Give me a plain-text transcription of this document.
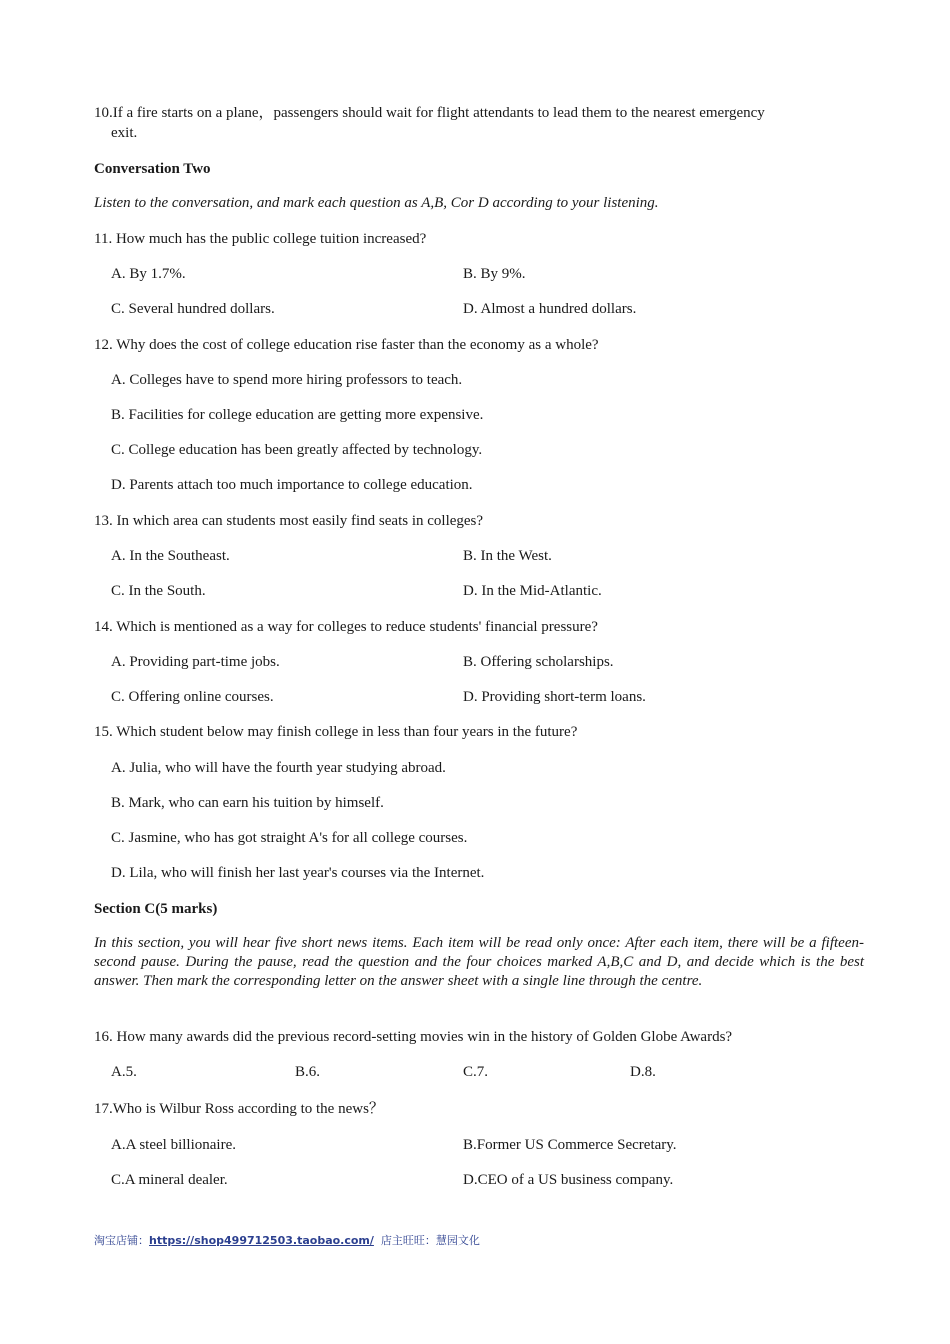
10.If a fire starts on a plane，passengers should wait for flight attendants to lead them to the nearest emergency
exit.
Conversation Two
Listen to the conversation, and mark each question as A,B, Cor D according to your listening.
11. How much has the public college tuition increased?
A. By 1.7%.	B. By 9%.
C. Several hundred dollars.	D. Almost a hundred dollars.
12. Why does the cost of college education rise faster than the economy as a whole?
A. Colleges have to spend more hiring professors to teach.
B. Facilities for college education are getting more expensive.
C. College education has been greatly affected by technology.
D. Parents attach too much importance to college education.
13. In which area can students most easily find seats in colleges?
A. In the Southeast.	B. In the West.
C. In the South.	D. In the Mid-Atlantic.
14. Which is mentioned as a way for colleges to reduce students' financial pressure?
A. Providing part-time jobs.	B. Offering scholarships.
C. Offering online courses.	D. Providing short-term loans.
15. Which student below may finish college in less than four years in the future?
A. Julia, who will have the fourth year studying abroad.
B. Mark, who can earn his tuition by himself.
C. Jasmine, who has got straight A's for all college courses.
D. Lila, who will finish her last year's courses via the Internet.
Section C(5 marks)
In this section, you will hear five short news items. Each item will be read only once: After each item, there will be a fifteen-second pause. During the pause, read the question and the four choices marked A,B,C and D, and decide which is the best answer. Then mark the corresponding letter on the answer sheet with a single line through the centre.
16. How many awards did the previous record-setting movies win in the history of Golden Globe Awards?
A.5.	B.6.	C.7.	D.8.
17.Who is Wilbur Ross according to the news？
A.A steel billionaire.	B.Former US Commerce Secretary.
C.A mineral dealer.	D.CEO of a US business company.
淘宝店铺：https://shop499712503.taobao.com/ 店主旺旺：慧园文化
